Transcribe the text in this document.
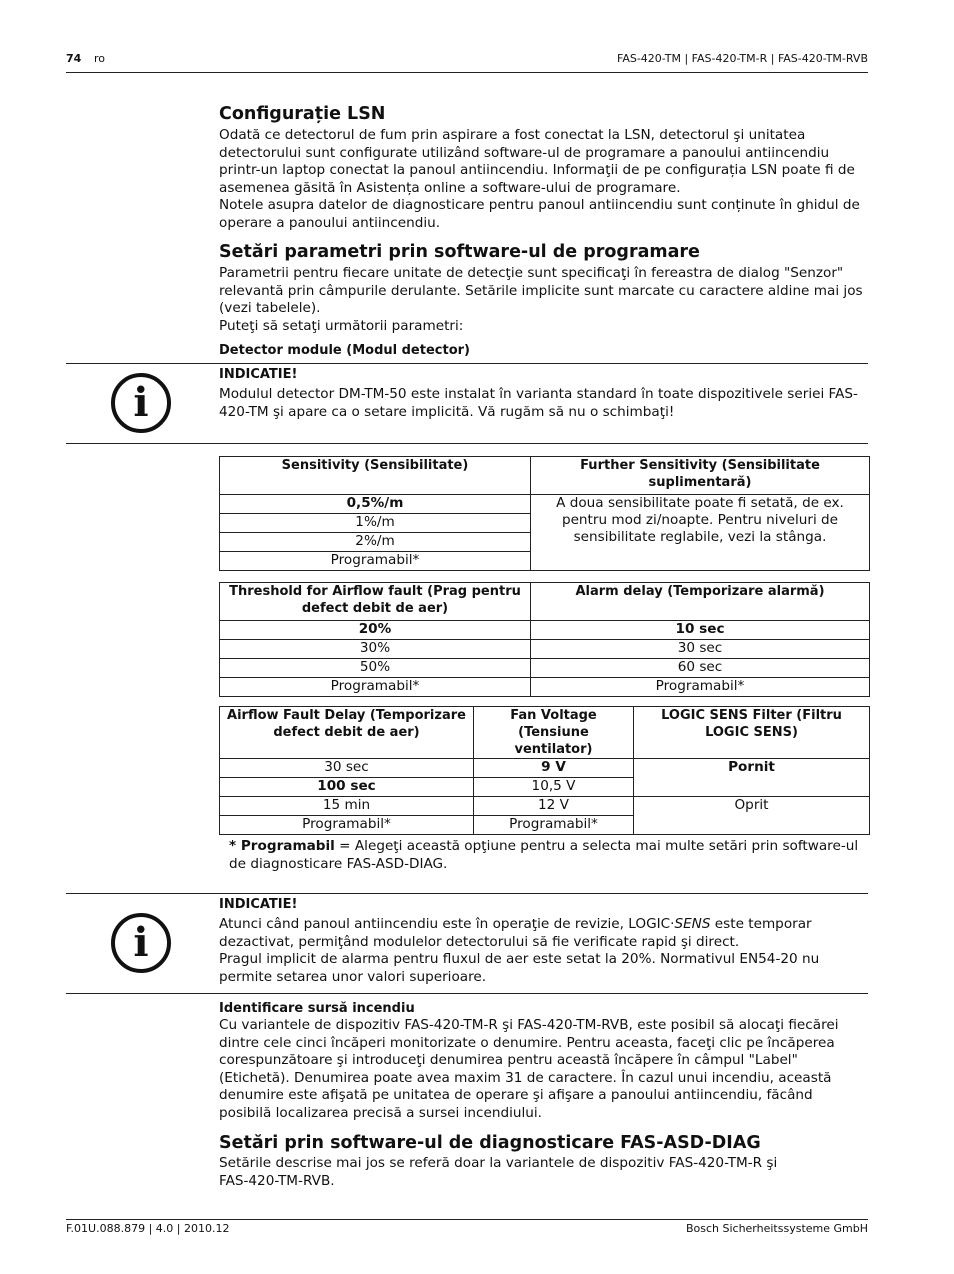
74 ro	FAS-420-TM | FAS-420-TM-R | FAS-420-TM-RVB
Configurație LSN
Odată ce detectorul de fum prin aspirare a fost conectat la LSN, detectorul şi unitatea
detectorului sunt configurate utilizând software-ul de programare a panoului antiincendiu
printr-un laptop conectat la panoul antiincendiu. Informaţii de pe configurația LSN poate fi de
asemenea găsită în Asistența online a software-ului de programare.
Notele asupra datelor de diagnosticare pentru panoul antiincendiu sunt conținute în ghidul de
operare a panoului antiincendiu.
Setări parametri prin software-ul de programare
Parametrii pentru fiecare unitate de detecţie sunt specificaţi în fereastra de dialog "Senzor"
relevantă prin câmpurile derulante. Setările implicite sunt marcate cu caractere aldine mai jos
(vezi tabelele).
Puteţi să setaţi următorii parametri:
Detector module (Modul detector)
i
INDICATIE!
Modulul detector DM-TM-50 este instalat în varianta standard în toate dispozitivele seriei FAS-
420-TM şi apare ca o setare implicită. Vă rugăm să nu o schimbaţi!
Sensitivity (Sensibilitate)	Further Sensitivity (Sensibilitate suplimentară)
0,5%/m	A doua sensibilitate poate fi setată, de ex. pentru mod zi/noapte. Pentru niveluri de sensibilitate reglabile, vezi la stânga.
1%/m	
2%/m	
Programabil*	
Threshold for Airflow fault (Prag pentru defect debit de aer)	Alarm delay (Temporizare alarmă)
20%	10 sec
30%	30 sec
50%	60 sec
Programabil*	Programabil*
Airflow Fault Delay (Temporizare defect debit de aer)	Fan Voltage (Tensiune ventilator)	LOGIC SENS Filter (Filtru LOGIC SENS)
30 sec	9 V	Pornit
100 sec	10,5 V	
15 min	12 V	Oprit
Programabil*	Programabil*	
* Programabil = Alegeţi această opţiune pentru a selecta mai multe setări prin software-ul
de diagnosticare FAS-ASD-DIAG.
i
INDICATIE!
Atunci când panoul antiincendiu este în operaţie de revizie, LOGIC·SENS este temporar
dezactivat, permiţând modulelor detectorului să fie verificate rapid şi direct.
Pragul implicit de alarma pentru fluxul de aer este setat la 20%. Normativul EN54-20 nu
permite setarea unor valori superioare.
Identificare sursă incendiu
Cu variantele de dispozitiv FAS-420-TM-R şi FAS-420-TM-RVB, este posibil să alocaţi fiecărei
dintre cele cinci încăperi monitorizate o denumire. Pentru aceasta, faceţi clic pe încăperea
corespunzătoare şi introduceţi denumirea pentru această încăpere în câmpul "Label"
(Etichetă). Denumirea poate avea maxim 31 de caractere. În cazul unui incendiu, această
denumire este afişată pe unitatea de operare şi afişare a panoului antiincendiu, făcând
posibilă localizarea precisă a sursei incendiului.
Setări prin software-ul de diagnosticare FAS-ASD-DIAG
Setările descrise mai jos se referă doar la variantele de dispozitiv FAS-420-TM-R şi
FAS-420-TM-RVB.
F.01U.088.879 | 4.0 | 2010.12	Bosch Sicherheitssysteme GmbH
